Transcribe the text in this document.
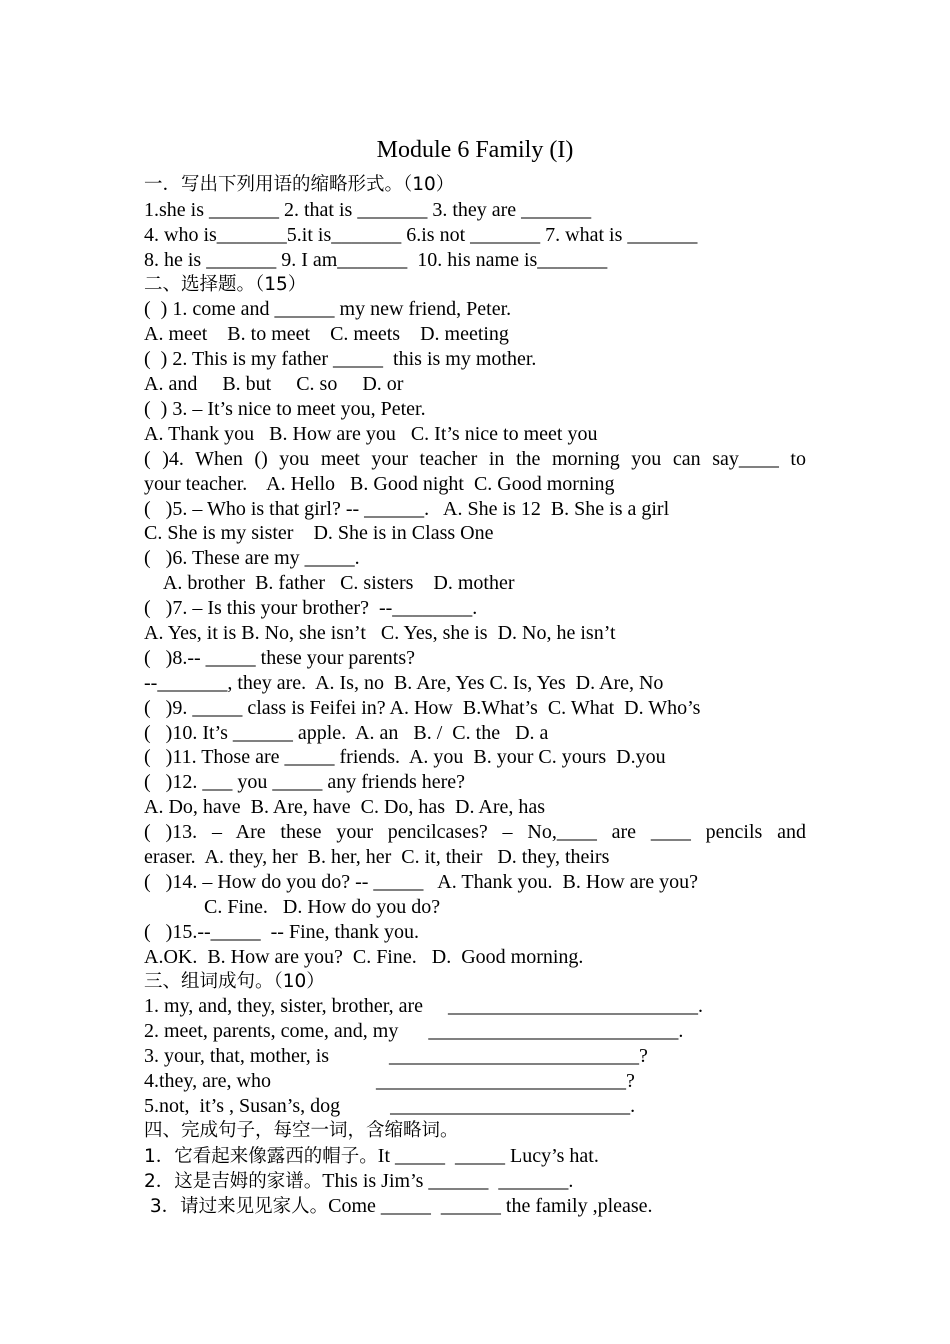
Module 6 Family (I)
一．写出下列用语的缩略形式。（10）
1.she is _______ 2. that is _______ 3. they are _______
4. who is_______5.it is_______ 6.is not _______ 7. what is _______
8. he is _______ 9. I am_______  10. his name is_______
二、选择题。（15）
(  ) 1. come and ______ my new friend, Peter.
A. meet    B. to meet    C. meets    D. meeting
(  ) 2. This is my father _____  this is my mother.
A. and     B. but     C. so     D. or
(  ) 3. – It’s nice to meet you, Peter.
A. Thank you   B. How are you   C. It’s nice to meet you
( )4. When () you meet your teacher in the morning you can say____ to
your teacher.    A. Hello   B. Good night  C. Good morning
(   )5. – Who is that girl? -- ______.   A. She is 12  B. She is a girl
C. She is my sister    D. She is in Class One
(   )6. These are my _____.
A. brother  B. father   C. sisters    D. mother
(   )7. – Is this your brother?  --________.
A. Yes, it is B. No, she isn’t   C. Yes, she is  D. No, he isn’t
(   )8.-- _____ these your parents?
--_______, they are.  A. Is, no  B. Are, Yes C. Is, Yes  D. Are, No
(   )9. _____ class is Feifei in? A. How  B.What’s  C. What  D. Who’s
(   )10. It’s ______ apple.  A. an   B. /  C. the   D. a
(   )11. Those are _____ friends.  A. you  B. your C. yours  D.you
(   )12. ___ you _____ any friends here?
A. Do, have  B. Are, have  C. Do, has  D. Are, has
( )13. – Are these your pencilcases? – No,____ are ____ pencils and
eraser.  A. they, her  B. her, her  C. it, their   D. they, theirs
(   )14. – How do you do? -- _____   A. Thank you.  B. How are you?
C. Fine.   D. How do you do?
(   )15.--_____  -- Fine, thank you.
A.OK.  B. How are you?  C. Fine.   D.  Good morning.
三、组词成句。（10）
1. my, and, they, sister, brother, are     _________________________.
2. meet, parents, come, and, my      _________________________.
3. your, that, mother, is            _________________________?
4.they, are, who                     _________________________?
5.not,  it’s , Susan’s, dog          ________________________.
四、完成句子，每空一词，含缩略词。
1．它看起来像露西的帽子。It _____  _____ Lucy’s hat.
2．这是吉姆的家谱。This is Jim’s ______  _______.
3．请过来见见家人。Come _____  ______ the family ,please.
